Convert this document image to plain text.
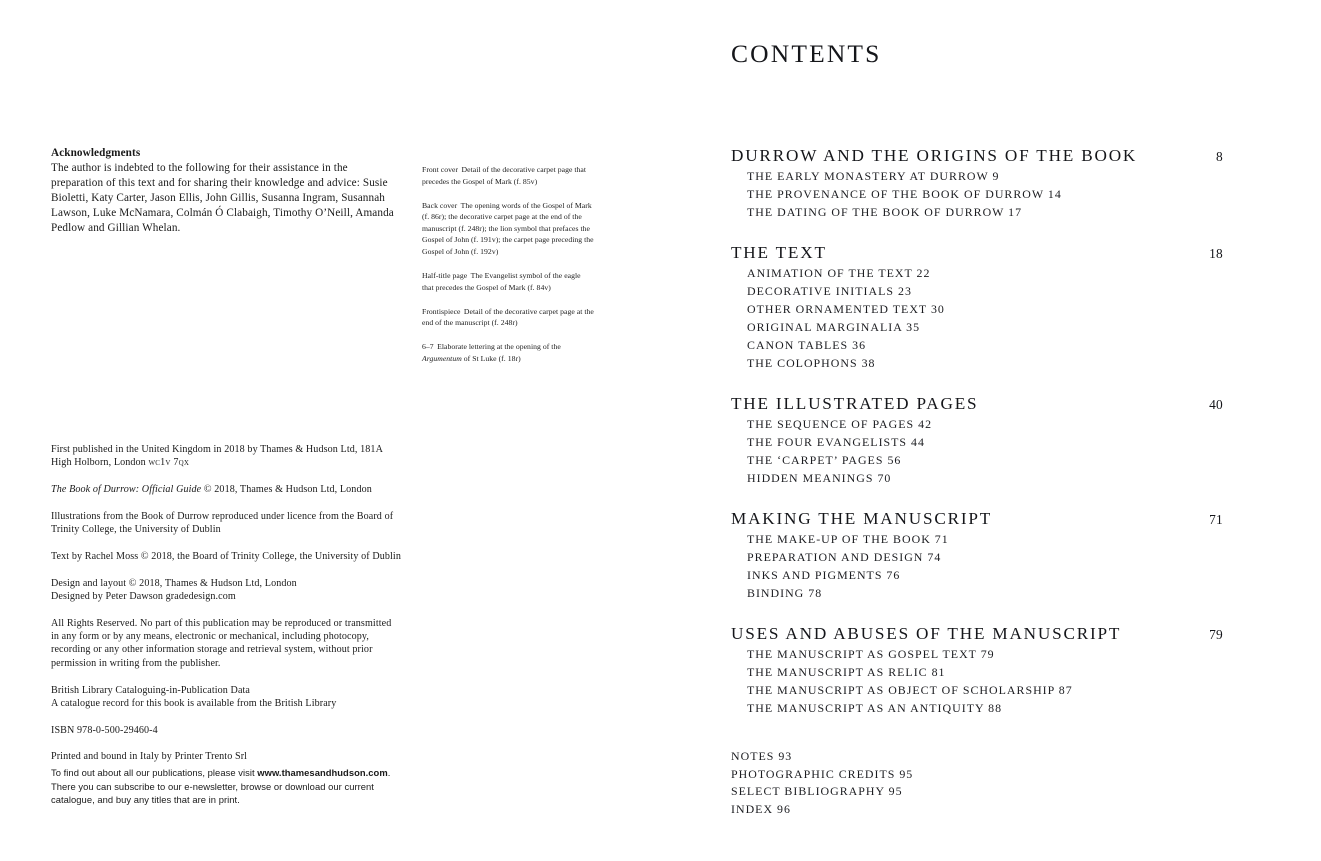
Acknowledgments
The author is indebted to the following for their assistance in the preparation of this text and for sharing their knowledge and advice: Susie Bioletti, Katy Carter, Jason Ellis, John Gillis, Susanna Ingram, Susannah Lawson, Luke McNamara, Colmán Ó Clabaigh, Timothy O’Neill, Amanda Pedlow and Gillian Whelan.

First published in the United Kingdom in 2018 by Thames & Hudson Ltd, 181A High Holborn, London wc1v 7qx

The Book of Durrow: Official Guide © 2018, Thames & Hudson Ltd, London

Illustrations from the Book of Durrow reproduced under licence from the Board of Trinity College, the University of Dublin

Text by Rachel Moss © 2018, the Board of Trinity College, the University of Dublin

Design and layout © 2018, Thames & Hudson Ltd, London
Designed by Peter Dawson gradedesign.com

All Rights Reserved. No part of this publication may be reproduced or transmitted in any form or by any means, electronic or mechanical, including photocopy, recording or any other information storage and retrieval system, without prior permission in writing from the publisher.

British Library Cataloguing-in-Publication Data
A catalogue record for this book is available from the British Library

ISBN 978-0-500-29460-4

Printed and bound in Italy by Printer Trento Srl

To find out about all our publications, please visit www.thamesandhudson.com. There you can subscribe to our e-newsletter, browse or download our current catalogue, and buy any titles that are in print.

Front cover Detail of the decorative carpet page that precedes the Gospel of Mark (f. 85v)

Back cover The opening words of the Gospel of Mark (f. 86r); the decorative carpet page at the end of the manuscript (f. 248r); the lion symbol that prefaces the Gospel of John (f. 191v); the carpet page preceding the Gospel of John (f. 192v)

Half-title page The Evangelist symbol of the eagle that precedes the Gospel of Mark (f. 84v)

Frontispiece Detail of the decorative carpet page at the end of the manuscript (f. 248r)

6–7 Elaborate lettering at the opening of the Argumentum of St Luke (f. 18r)

CONTENTS
DURROW AND THE ORIGINS OF THE BOOK	8
THE EARLY MONASTERY AT DURROW 9
THE PROVENANCE OF THE BOOK OF DURROW 14
THE DATING OF THE BOOK OF DURROW 17
THE TEXT	18
ANIMATION OF THE TEXT 22
DECORATIVE INITIALS 23
OTHER ORNAMENTED TEXT 30
ORIGINAL MARGINALIA 35
CANON TABLES 36
THE COLOPHONS 38
THE ILLUSTRATED PAGES	40
THE SEQUENCE OF PAGES 42
THE FOUR EVANGELISTS 44
THE ‘CARPET’ PAGES 56
HIDDEN MEANINGS 70
MAKING THE MANUSCRIPT	71
THE MAKE-UP OF THE BOOK 71
PREPARATION AND DESIGN 74
INKS AND PIGMENTS 76
BINDING 78
USES AND ABUSES OF THE MANUSCRIPT	79
THE MANUSCRIPT AS GOSPEL TEXT 79
THE MANUSCRIPT AS RELIC 81
THE MANUSCRIPT AS OBJECT OF SCHOLARSHIP 87
THE MANUSCRIPT AS AN ANTIQUITY 88
NOTES 93
PHOTOGRAPHIC CREDITS 95
SELECT BIBLIOGRAPHY 95
INDEX 96
